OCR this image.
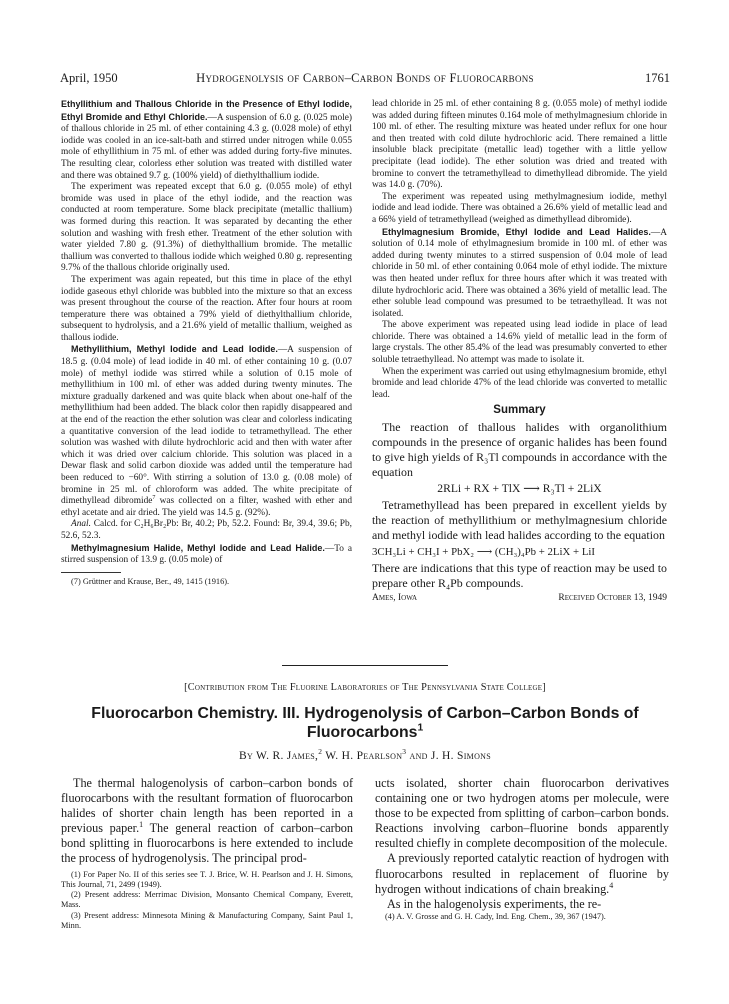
April, 1950	Hydrogenolysis of Carbon–Carbon Bonds of Fluorocarbons	1761

Ethyllithium and Thallous Chloride in the Presence of Ethyl Iodide, Ethyl Bromide and Ethyl Chloride.—A suspension of 6.0 g. (0.025 mole) of thallous chloride in 25 ml. of ether containing 4.3 g. (0.028 mole) of ethyl iodide was cooled in an ice-salt-bath and stirred under nitrogen while 0.055 mole of ethyllithium in 75 ml. of ether was added during forty-five minutes. The resulting clear, colorless ether solution was treated with distilled water and there was obtained 9.7 g. (100% yield) of diethylthallium iodide.

The experiment was repeated except that 6.0 g. (0.055 mole) of ethyl bromide was used in place of the ethyl iodide, and the reaction was conducted at room temperature. Some black precipitate (metallic thallium) was formed during this reaction. It was separated by decanting the ether solution and washing with fresh ether. Treatment of the ether solution with water yielded 7.80 g. (91.3%) of diethylthallium bromide. The metallic thallium was converted to thallous iodide which weighed 0.80 g. representing 9.7% of the thallous chloride originally used.

The experiment was again repeated, but this time in place of the ethyl iodide gaseous ethyl chloride was bubbled into the mixture so that an excess was present throughout the course of the reaction. After four hours at room temperature there was obtained a 79% yield of diethylthallium chloride, subsequent to hydrolysis, and a 21.6% yield of metallic thallium, weighed as thallous iodide.

Methyllithium, Methyl Iodide and Lead Iodide.—A suspension of 18.5 g. (0.04 mole) of lead iodide in 40 ml. of ether containing 10 g. (0.07 mole) of methyl iodide was stirred while a solution of 0.15 mole of methyllithium in 100 ml. of ether was added during twenty minutes. The mixture gradually darkened and was quite black when about one-half of the methyllithium had been added. The black color then rapidly disappeared and at the end of the reaction the ether solution was clear and colorless indicating a quantitative conversion of the lead iodide to tetramethyllead. The ether solution was washed with dilute hydrochloric acid and then with water after which it was dried over calcium chloride. This solution was placed in a Dewar flask and solid carbon dioxide was added until the temperature had been reduced to −60°. With stirring a solution of 13.0 g. (0.08 mole) of bromine in 25 ml. of chloroform was added. The white precipitate of dimethyllead dibromide$^7$ was collected on a filter, washed with ether and ethyl acetate and air dried. The yield was 14.5 g. (92%).

Anal. Calcd. for C₂H₆Br₂Pb: Br, 40.2; Pb, 52.2. Found: Br, 39.4, 39.6; Pb, 52.6, 52.3.

Methylmagnesium Halide, Methyl Iodide and Lead Halide.—To a stirred suspension of 13.9 g. (0.05 mole) of

(7) Grüttner and Krause, Ber., 49, 1415 (1916).

lead chloride in 25 ml. of ether containing 8 g. (0.055 mole) of methyl iodide was added during fifteen minutes 0.164 mole of methylmagnesium chloride in 100 ml. of ether. The resulting mixture was heated under reflux for one hour and then treated with cold dilute hydrochloric acid. There remained a little insoluble black precipitate (metallic lead) together with a little yellow precipitate (lead iodide). The ether solution was dried and treated with bromine to convert the tetramethyllead to dimethyllead dibromide. The yield was 14.0 g. (70%).

The experiment was repeated using methylmagnesium iodide, methyl iodide and lead iodide. There was obtained a 26.6% yield of metallic lead and a 66% yield of tetramethyllead (weighed as dimethyllead dibromide).

Ethylmagnesium Bromide, Ethyl Iodide and Lead Halides.—A solution of 0.14 mole of ethylmagnesium bromide in 100 ml. of ether was added during twenty minutes to a stirred suspension of 0.04 mole of lead chloride in 50 ml. of ether containing 0.064 mole of ethyl iodide. The mixture was then heated under reflux for three hours after which it was treated with dilute hydrochloric acid. There was obtained a 36% yield of metallic lead. The ether soluble lead compound was presumed to be tetraethyllead. It was not isolated.

The above experiment was repeated using lead iodide in place of lead chloride. There was obtained a 14.6% yield of metallic lead in the form of large crystals. The other 85.4% of the lead was presumably converted to ether soluble tetraethyllead. No attempt was made to isolate it.

When the experiment was carried out using ethylmagnesium bromide, ethyl bromide and lead chloride 47% of the lead chloride was converted to metallic lead.

Summary

The reaction of thallous halides with organolithium compounds in the presence of organic halides has been found to give high yields of R₃Tl compounds in accordance with the equation

2RLi + RX + TlX ⟶ R₃Tl + 2LiX

Tetramethyllead has been prepared in excellent yields by the reaction of methyllithium or methylmagnesium chloride and methyl iodide with lead halides according to the equation

3CH₃Li + CH₃I + PbX₂ ⟶ (CH₃)₄Pb + 2LiX + LiI

There are indications that this type of reaction may be used to prepare other R₄Pb compounds.

Ames, Iowa	Received October 13, 1949
[Contribution from The Fluorine Laboratories of The Pennsylvania State College]
Fluorocarbon Chemistry. III. Hydrogenolysis of Carbon–Carbon Bonds of Fluorocarbons$^1$
By W. R. James,$^2$ W. H. Pearlson$^3$ and J. H. Simons

The thermal halogenolysis of carbon–carbon bonds of fluorocarbons with the resultant formation of fluorocarbon halides of shorter chain length has been reported in a previous paper.$^1$ The general reaction of carbon–carbon bond splitting in fluorocarbons is here extended to include the process of hydrogenolysis. The principal prod-

(1) For Paper No. II of this series see T. J. Brice, W. H. Pearlson and J. H. Simons, This Journal, 71, 2499 (1949).

(2) Present address: Merrimac Division, Monsanto Chemical Company, Everett, Mass.

(3) Present address: Minnesota Mining & Manufacturing Company, Saint Paul 1, Minn.

ucts isolated, shorter chain fluorocarbon derivatives containing one or two hydrogen atoms per molecule, were those to be expected from splitting of carbon–carbon bonds. Reactions involving carbon–fluorine bonds apparently resulted chiefly in complete decomposition of the molecule.

A previously reported catalytic reaction of hydrogen with fluorocarbons resulted in replacement of fluorine by hydrogen without indications of chain breaking.$^4$

As in the halogenolysis experiments, the re-

(4) A. V. Grosse and G. H. Cady, Ind. Eng. Chem., 39, 367 (1947).
